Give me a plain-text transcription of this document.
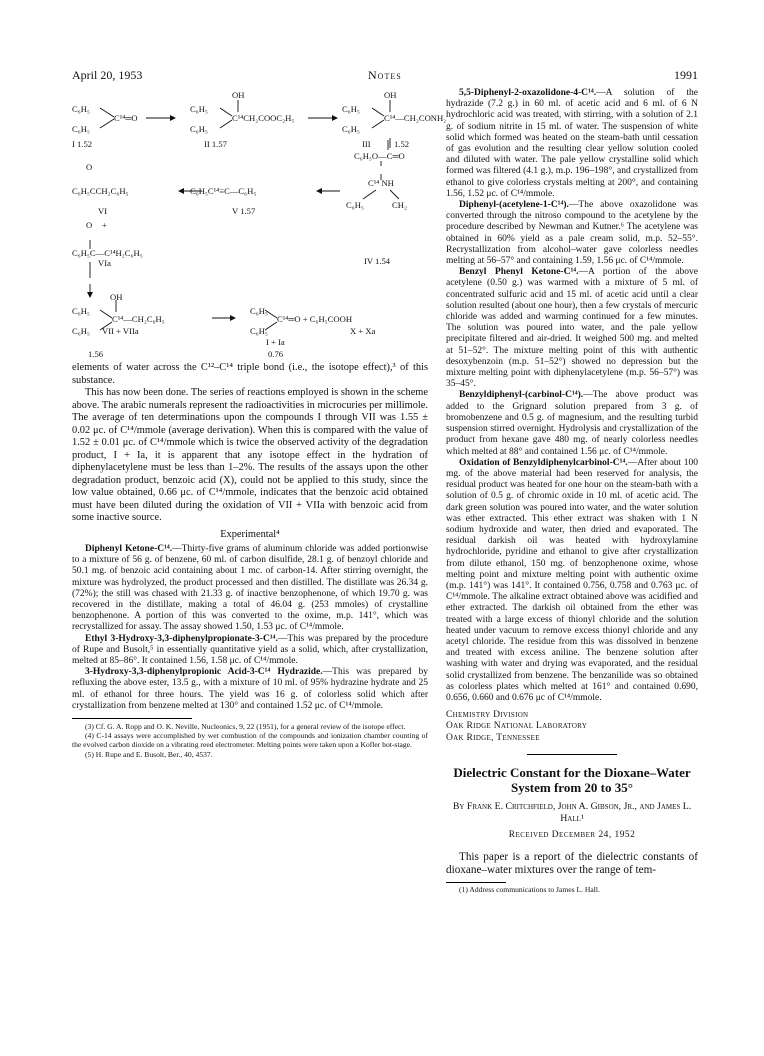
April 20, 1953	Notes	1991
C₆H₅
C¹⁴═O
C₆H₅
I 1.52
OH
C₆H₅
C¹⁴CH₂COOC₂H₅
C₆H₅
II 1.57
OH
C₆H₅
C¹⁴—CH₂CONH₂
C₆H₅
III	1.52
C₆H₅O—C═O
C¹⁴ NH
C₆H₅	CH₂
IV 1.54
O
C₆H₅CCH₂C₆H₅
VI
C₆H₅C¹⁴≡C—C₆H₅
V 1.57
O +
C₆H₅C—C¹⁴H₂C₆H₅
VIa
OH
C₆H₅
C¹⁴—CH₂C₆H₅
C₆H₅ VII + VIIa
1.56
C₆H₅
C¹⁴═O + C₆H₅COOH
C₆H₅	X + Xa
I + Ia
0.76

elements of water across the C¹²–C¹⁴ triple bond (i.e., the isotope effect),³ of this substance.

This has now been done. The series of reactions employed is shown in the scheme above. The arabic numerals represent the radioactivities in microcuries per millimole. The average of ten determinations upon the compounds I through VII was 1.55 ± 0.02 μc. of C¹⁴/mmole (average derivation). When this is compared with the value of 1.52 ± 0.01 μc. of C¹⁴/mmole which is twice the observed activity of the degradation product, I + Ia, it is apparent that any isotope effect in the hydration of diphenylacetylene must be less than 1–2%. The results of the assays upon the other degradation product, benzoic acid (X), could not be applied to this study, since the low value obtained, 0.66 μc. of C¹⁴/mmole, indicates that the benzoic acid obtained must have been diluted during the oxidation of VII + VIIa with benzoic acid from some inactive source.

Experimental⁴

Diphenyl Ketone-C¹⁴.—Thirty-five grams of aluminum chloride was added portionwise to a mixture of 56 g. of benzene, 60 ml. of carbon disulfide, 28.1 g. of benzoyl chloride and 50.1 mg. of benzoic acid containing about 1 mc. of carbon-14. After stirring overnight, the mixture was hydrolyzed, the product processed and then distilled. The distillate was 26.34 g. (72%); the still was chased with 21.33 g. of inactive benzophenone, of which 19.70 g. was recovered in the distillate, making a total of 46.04 g. (253 mmoles) of crystalline benzophenone. A portion of this was converted to the oxime, m.p. 141°, which was recrystallized for assay. The assay showed 1.50, 1.53 μc. of C¹⁴/mmole.

Ethyl 3-Hydroxy-3,3-diphenylpropionate-3-C¹⁴.—This was prepared by the procedure of Rupe and Busolt,⁵ in essentially quantitative yield as a solid, which, after crystallization, melted at 85–86°. It contained 1.56, 1.58 μc. of C¹⁴/mmole.

3-Hydroxy-3,3-diphenylpropionic Acid-3-C¹⁴ Hydrazide.—This was prepared by refluxing the above ester, 13.5 g., with a mixture of 10 ml. of 95% hydrazine hydrate and 25 ml. of ethanol for three hours. The yield was 16 g. of colorless solid which after crystallization from benzene melted at 130° and contained 1.52 μc. of C¹⁴/mmole.

(3) Cf. G. A. Ropp and O. K. Neville, Nucleonics, 9, 22 (1951), for a general review of the isotope effect.

(4) C-14 assays were accomplished by wet combustion of the compounds and ionization chamber counting of the evolved carbon dioxide on a vibrating reed electrometer. Melting points were taken upon a Kofler hot-stage.

(5) H. Rupe and E. Busolt, Ber., 40, 4537.

5,5-Diphenyl-2-oxazolidone-4-C¹⁴.—A solution of the hydrazide (7.2 g.) in 60 ml. of acetic acid and 6 ml. of 6 N hydrochloric acid was treated, with stirring, with a solution of 2.1 g. of sodium nitrite in 15 ml. of water. The suspension of white solid which formed was heated on the steam-bath until cessation of gas evolution and the resulting clear yellow solution cooled and diluted with water. The pale yellow crystalline solid which formed was filtered (4.1 g.), m.p. 196–198°, and crystallized from ethanol to give colorless crystals melting at 200°, and containing 1.56, 1.52 μc. of C¹⁴/mmole.

Diphenyl-(acetylene-1-C¹⁴).—The above oxazolidone was converted through the nitroso compound to the acetylene by the procedure described by Newman and Kutner.⁶ The acetylene was obtained in 60% yield as a pale cream solid, m.p. 52–55°. Recrystallization from alcohol–water gave colorless needles melting at 56–57° and containing 1.59, 1.56 μc. of C¹⁴/mmole.

Benzyl Phenyl Ketone-C¹⁴.—A portion of the above acetylene (0.50 g.) was warmed with a mixture of 5 ml. of concentrated sulfuric acid and 15 ml. of acetic acid until a clear solution resulted (about one hour), then a few crystals of mercuric chloride was added and warming continued for a few minutes. The solution was poured into water, and the pale yellow precipitate filtered and air-dried. It weighed 500 mg. and melted at 51–52°. The mixture melting point of this with authentic desoxybenzoin (m.p. 51–52°) showed no depression but the mixture melting point with diphenylacetylene (m.p. 56–57°) was 35–45°.

Benzyldiphenyl-(carbinol-C¹⁴).—The above product was added to the Grignard solution prepared from 3 g. of bromobenzene and 0.5 g. of magnesium, and the resulting turbid suspension stirred overnight. Hydrolysis and crystallization of the product from hexane gave 480 mg. of nearly colorless needles which melted at 88° and contained 1.56 μc. of C¹⁴/mmole.

Oxidation of Benzyldiphenylcarbinol-C¹⁴.—After about 100 mg. of the above material had been reserved for analysis, the residual product was heated for one hour on the steam-bath with a solution of 0.5 g. of chromic oxide in 10 ml. of acetic acid. The dark green solution was poured into water, and the water solution was ether extracted. This ether extract was shaken with 1 N sodium hydroxide and water, then dried and evaporated. The residual darkish oil was heated with hydroxylamine hydrochloride, pyridine and ethanol to give after crystallization from dilute ethanol, 150 mg. of benzophenone oxime, whose melting point and mixture melting point with authentic oxime (m.p. 141°) was 141°. It contained 0.756, 0.758 and 0.763 μc. of C¹⁴/mmole. The alkaline extract obtained above was acidified and ether extracted. The darkish oil obtained from the ether was treated with a large excess of thionyl chloride and the solution heated under vacuum to remove excess thionyl chloride and any acetyl chloride. The residue from this was dissolved in benzene and treated with excess aniline. The benzene solution after washing with water and drying was evaporated, and the residual solid crystallized from benzene. The benzanilide was so obtained as colorless plates which melted at 161° and contained 0.690, 0.656, 0.660 and 0.676 μc of C¹⁴/mmole.

Chemistry Division
Oak Ridge National Laboratory
Oak Ridge, Tennessee
Dielectric Constant for the Dioxane–Water System from 20 to 35°
By Frank E. Critchfield, John A. Gibson, Jr., and James L. Hall¹
Received December 24, 1952

This paper is a report of the dielectric constants of dioxane–water mixtures over the range of tem-

(1) Address communications to James L. Hall.
